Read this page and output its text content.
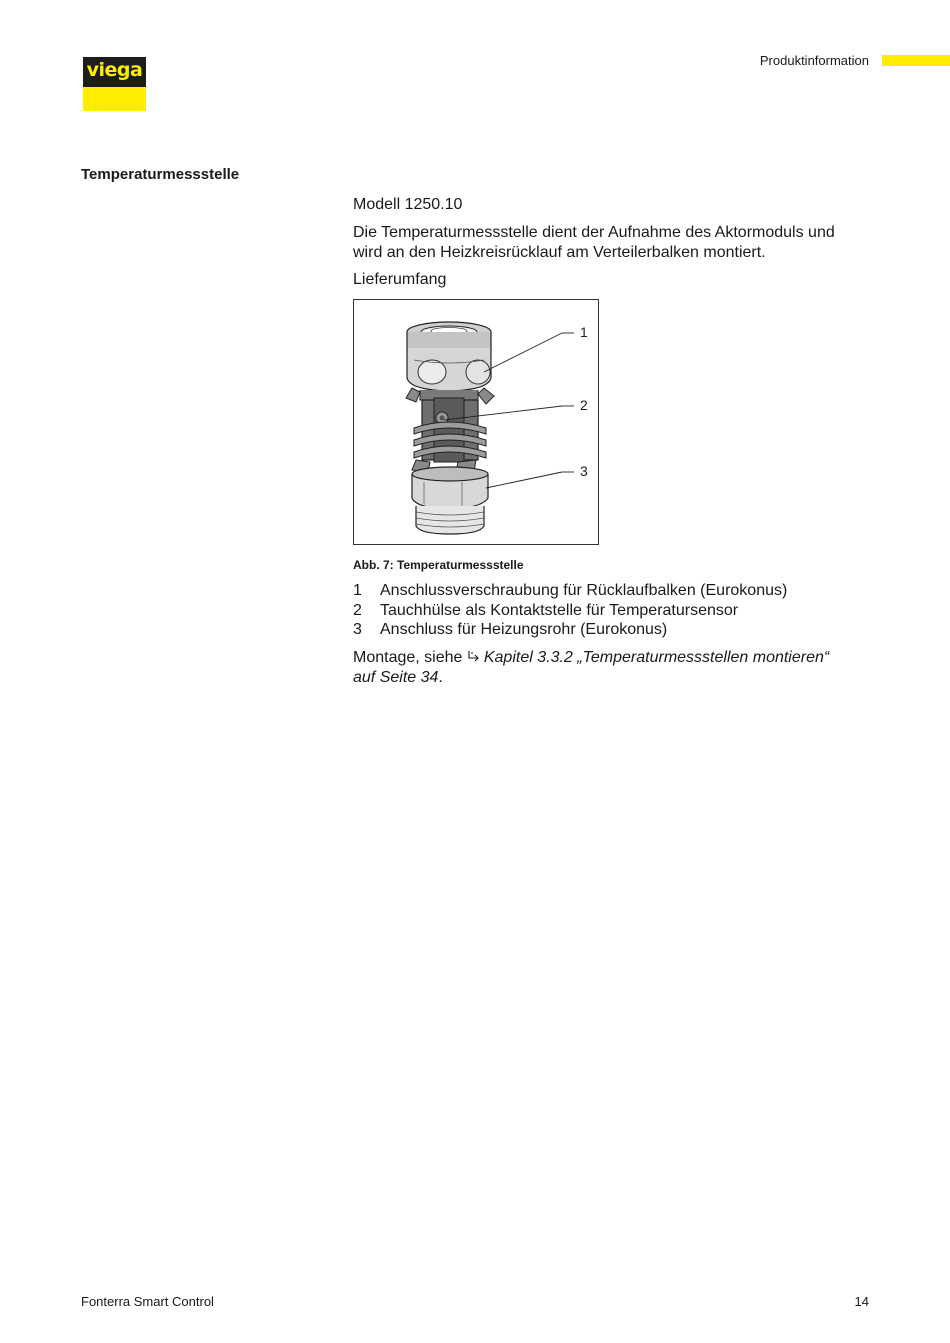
viega	Produktinformation
Temperaturmessstelle
Modell 1250.10

Die Temperaturmessstelle dient der Aufnahme des Aktormoduls und wird an den Heizkreisrücklauf am Verteilerbalken montiert.

Lieferumfang

1
2
3
Abb. 7: Temperaturmessstelle
1	Anschlussverschraubung für Rücklaufbalken (Eurokonus)
2	Tauchhülse als Kontaktstelle für Temperatursensor
3	Anschluss für Heizungsrohr (Eurokonus)
Montage, siehe Kapitel 3.3.2 „Temperaturmessstellen montieren“ auf Seite 34.
Fonterra Smart Control	14
